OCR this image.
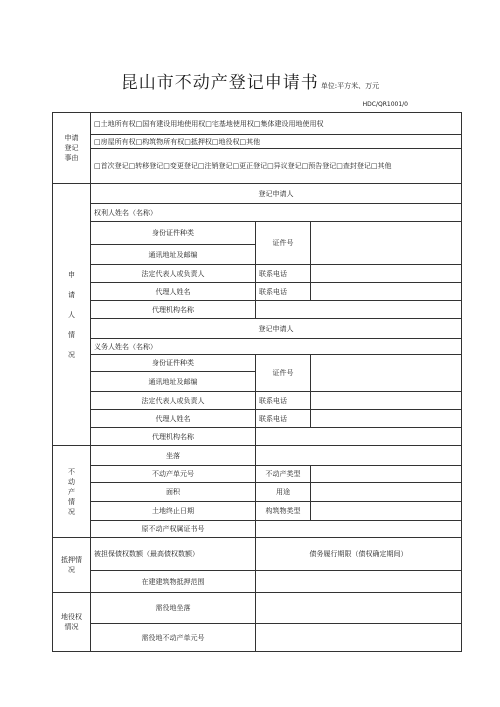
昆山市不动产登记申请书 单位:平方米、万元
HDC/QR1001/0
申请
登记
事由	□土地所有权□国有建设用地使用权□宅基地使用权□集体建设用地使用权		
	□房屋所有权□构筑物所有权□抵押权□地役权□其他		
	□首次登记□转移登记□变更登记□注销登记□更正登记□异议登记□预告登记□查封登记□其他		
申

请

人

情

况	登记申请人		
	权利人姓名（名称）		
	身份证件种类	证件号	
	通讯地址及邮编		
	法定代表人或负责人	联系电话	
	代理人姓名	联系电话	
	代理机构名称		
	登记申请人		
	义务人姓名（名称）		
	身份证件种类	证件号	
	通讯地址及邮编		
	法定代表人或负责人	联系电话	
	代理人姓名	联系电话	
	代理机构名称		
不
动
产
情
况	坐落		
	不动产单元号	不动产类型	
	面积	用途	
	土地终止日期	构筑物类型	
	原不动产权属证书号		
抵押情
况	被担保债权数额（最高债权数额）	债务履行期限（债权确定期间）	
	在建建筑物抵押范围		
地役权
情况	需役地坐落		
	需役地不动产单元号		
